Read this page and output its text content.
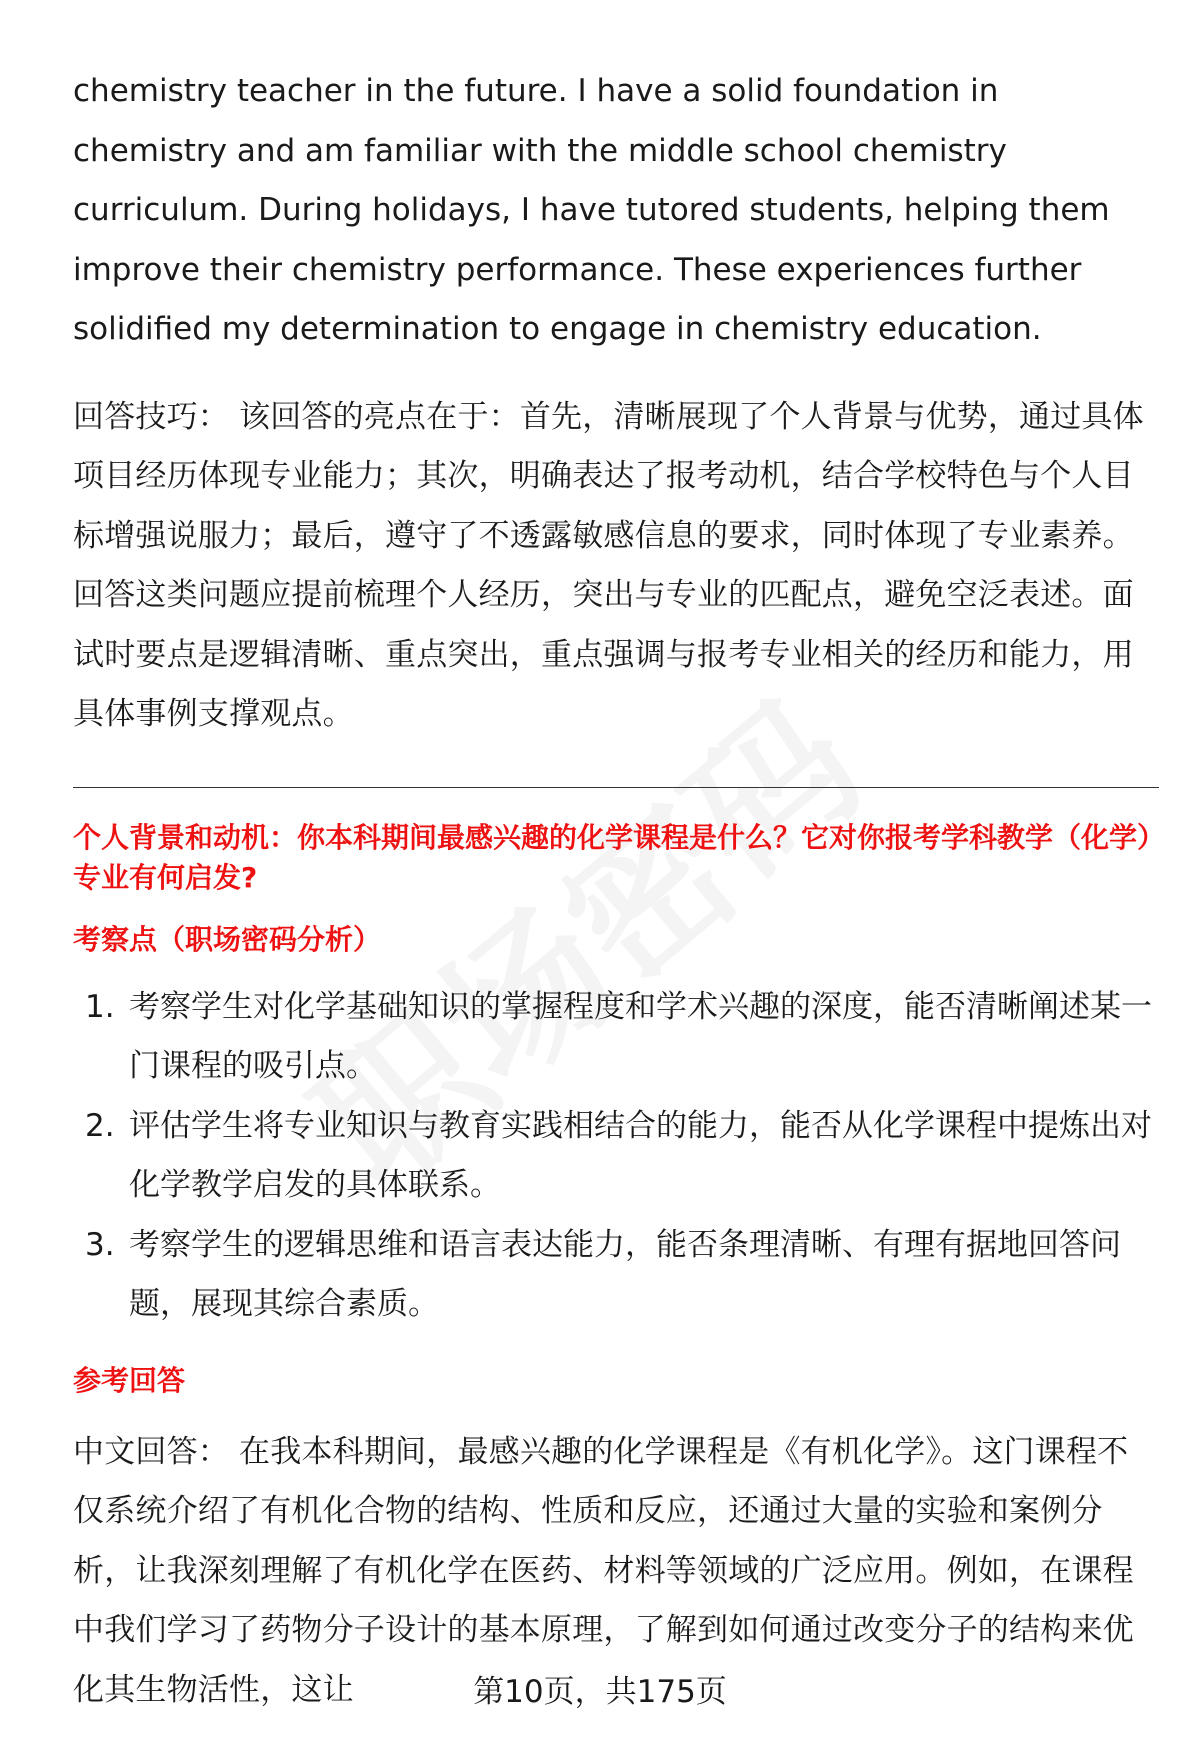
chemistry teacher in the future. I have a solid foundation in chemistry and am familiar with the middle school chemistry curriculum. During holidays, I have tutored students, helping them improve their chemistry performance. These experiences further solidified my determination to engage in chemistry education.

回答技巧： 该回答的亮点在于：首先，清晰展现了个人背景与优势，通过具体项目经历体现专业能力；其次，明确表达了报考动机，结合学校特色与个人目标增强说服力；最后，遵守了不透露敏感信息的要求，同时体现了专业素养。回答这类问题应提前梳理个人经历，突出与专业的匹配点，避免空泛表述。面试时要点是逻辑清晰、重点突出，重点强调与报考专业相关的经历和能力，用具体事例支撑观点。

个人背景和动机：你本科期间最感兴趣的化学课程是什么？它对你报考学科教学（化学）专业有何启发?
考察点（职场密码分析）
1. 考察学生对化学基础知识的掌握程度和学术兴趣的深度，能否清晰阐述某一门课程的吸引点。
2. 评估学生将专业知识与教育实践相结合的能力，能否从化学课程中提炼出对化学教学启发的具体联系。
3. 考察学生的逻辑思维和语言表达能力，能否条理清晰、有理有据地回答问题，展现其综合素质。
参考回答

中文回答： 在我本科期间，最感兴趣的化学课程是《有机化学》。这门课程不仅系统介绍了有机化合物的结构、性质和反应，还通过大量的实验和案例分析，让我深刻理解了有机化学在医药、材料等领域的广泛应用。例如，在课程中我们学习了药物分子设计的基本原理，了解到如何通过改变分子的结构来优化其生物活性，这让	第10页，共175页
